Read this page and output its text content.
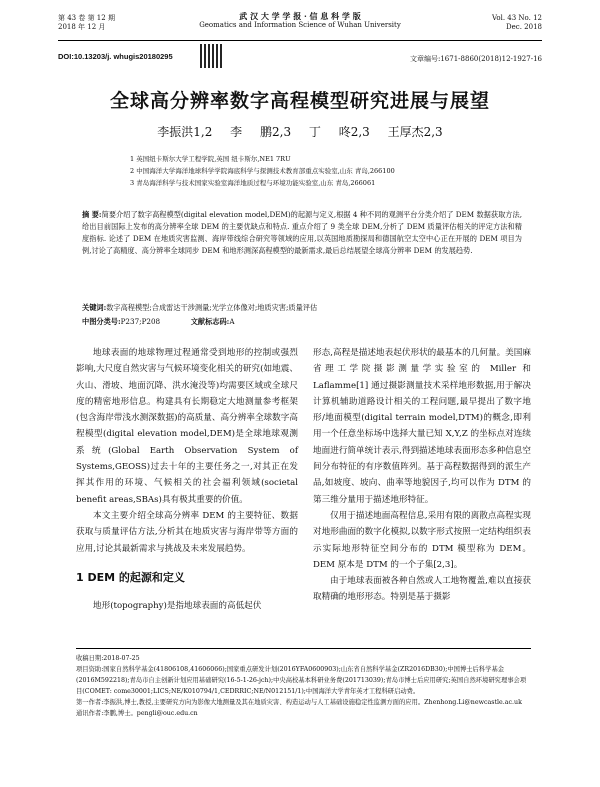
第 43 卷 第 12 期
2018 年 12 月
武 汉 大 学 学 报 · 信 息 科 学 版
Geomatics and Information Science of Wuhan University
Vol. 43 No. 12
Dec. 2018
DOI:10.13203/j. whugis20180295	文章编号:1671-8860(2018)12-1927-16
全球高分辨率数字高程模型研究进展与展望
李振洪1,2 李 鹏2,3 丁 咚2,3 王厚杰2,3
1 英国纽卡斯尔大学工程学院,英国 纽卡斯尔,NE1 7RU
2 中国海洋大学海洋地球科学学院海底科学与探测技术教育部重点实验室,山东 青岛,266100
3 青岛海洋科学与技术国家实验室海洋地质过程与环境功能实验室,山东 青岛,266061
摘 要:简要介绍了数字高程模型(digital elevation model,DEM)的起源与定义,根据 4 种不同的观测平台分类介绍了 DEM 数据获取方法,给出目前国际上发布的高分辨率全球 DEM 的主要优缺点和特点. 重点介绍了 9 类全球 DEM,分析了 DEM 质量评估相关的评定方法和精度指标. 论述了 DEM 在地质灾害监测、海岸带线综合研究等领域的应用,以英国地质勘探局和德国航空太空中心正在开展的 DEM 项目为例,讨论了高精度、高分辨率全球同步 DEM 和地形测深高程模型的最新需求,最后总结展望全球高分辨率 DEM 的发展趋势.
关键词:数字高程模型;合成雷达干涉测量;光学立体像对;地质灾害;质量评估
中图分类号:P237;P208	文献标志码:A

地球表面的地球物理过程通常受到地形的控制或强烈影响,大尺度自然灾害与气候环境变化相关的研究(如地震、火山、滑坡、地面沉降、洪水淹没等)均需要区域或全球尺度的精密地形信息。构建具有长期稳定大地测量参考框架(包含海岸带浅水测深数据)的高质量、高分辨率全球数字高程模型(digital elevation model,DEM)是全球地球观测系统(Global Earth Observation System of Systems,GEOSS)过去十年的主要任务之一,对其正在发挥其作用的环境、气候相关的社会福利领域(societal benefit areas,SBAs)具有极其重要的价值。

本文主要介绍全球高分辨率 DEM 的主要特征、数据获取与质量评估方法,分析其在地质灾害与海岸带等方面的应用,讨论其最新需求与挑战及未来发展趋势。

1 DEM 的起源和定义

地形(topography)是指地球表面的高低起伏

形态,高程是描述地表起伏形状的最基本的几何量。美国麻省理工学院摄影测量学实验室的 Miller 和 Laflamme[1] 通过摄影测量技术采样地形数据,用于解决计算机辅助道路设计相关的工程问题,最早提出了数字地形/地面模型(digital terrain model,DTM)的概念,即利用一个任意坐标场中选择大量已知 X,Y,Z 的坐标点对连续地面进行简单统计表示,得到描述地球表面形态多种信息空间分布特征的有序数值阵列。基于高程数据得到的派生产品,如坡度、坡向、曲率等地貌因子,均可以作为 DTM 的第三维分量用于描述地形特征。

仅用于描述地面高程信息,采用有限的离散点高程实现对地形曲面的数字化模拟,以数字形式按照一定结构组织表示实际地形特征空间分布的 DTM 模型称为 DEM。DEM 原本是 DTM 的一个子集[2,3]。

由于地球表面被各种自然或人工地物覆盖,难以直接获取精确的地形形态。特别是基于摄影

收稿日期:2018-07-25
项目资助:国家自然科学基金(41806108,41606066);国家重点研发计划(2016YFA0600903);山东省自然科学基金(ZR2016DB30);中国博士后科学基金(2016M592218);青岛市自主创新计划应用基础研究(16-5-1-26-jch);中央高校基本科研业务费(201713039);青岛市博士后应用研究;英国自然环境研究理事会项目(COMET: come30001;LICS;NE/K010794/1,CEDRRIC;NE/N012151/1);中国海洋大学青年英才工程科研启动费。
第一作者:李振洪,博士,教授,主要研究方向为影像大地测量及其在地质灾害、构造运动与人工基础设施稳定性监测方面的应用。Zhenhong.Li@newcastle.ac.uk
通讯作者:李鹏,博士。pengli@ouc.edu.cn
